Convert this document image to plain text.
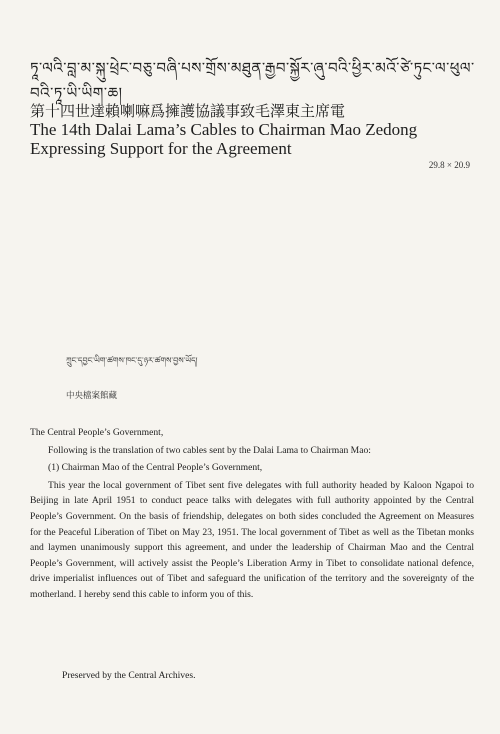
ཏཱ་ལའི་བླ་མ་སྐུ་ཕྲེང་བཅུ་བཞི་པས་གྲོས་མཐུན་རྒྱབ་སྐྱོར་ཞུ་བའི་ཕྱིར་མའོ་ཙེ་ཏུང་ལ་ཕུལ་བའི་ཏཱ་ཡི་ཡིག་ཆ།
第十四世達賴喇嘛爲擁護協議事致毛澤東主席電
The 14th Dalai Lama’s Cables to Chairman Mao Zedong
Expressing Support for the Agreement
29.8 × 20.9
ཀྲུང་དབྱང་ཡིག་ཚགས་ཁང་དུ་ཉར་ཚགས་བྱས་ཡོད།
中央檔案館藏

The Central People’s Government,

Following is the translation of two cables sent by the Dalai Lama to Chairman Mao:

(1) Chairman Mao of the Central People’s Government,

This year the local government of Tibet sent five delegates with full authority headed by Kaloon Ngapoi to Beijing in late April 1951 to conduct peace talks with delegates with full authority appointed by the Central People’s Government. On the basis of friendship, delegates on both sides concluded the Agreement on Measures for the Peaceful Liberation of Tibet on May 23, 1951. The local government of Tibet as well as the Tibetan monks and laymen unanimously support this agreement, and under the leadership of Chairman Mao and the Central People’s Government, will actively assist the People’s Liberation Army in Tibet to consolidate national defence, drive imperialist influences out of Tibet and safeguard the unification of the territory and the sovereignty of the motherland. I hereby send this cable to inform you of this.

Preserved by the Central Archives.
